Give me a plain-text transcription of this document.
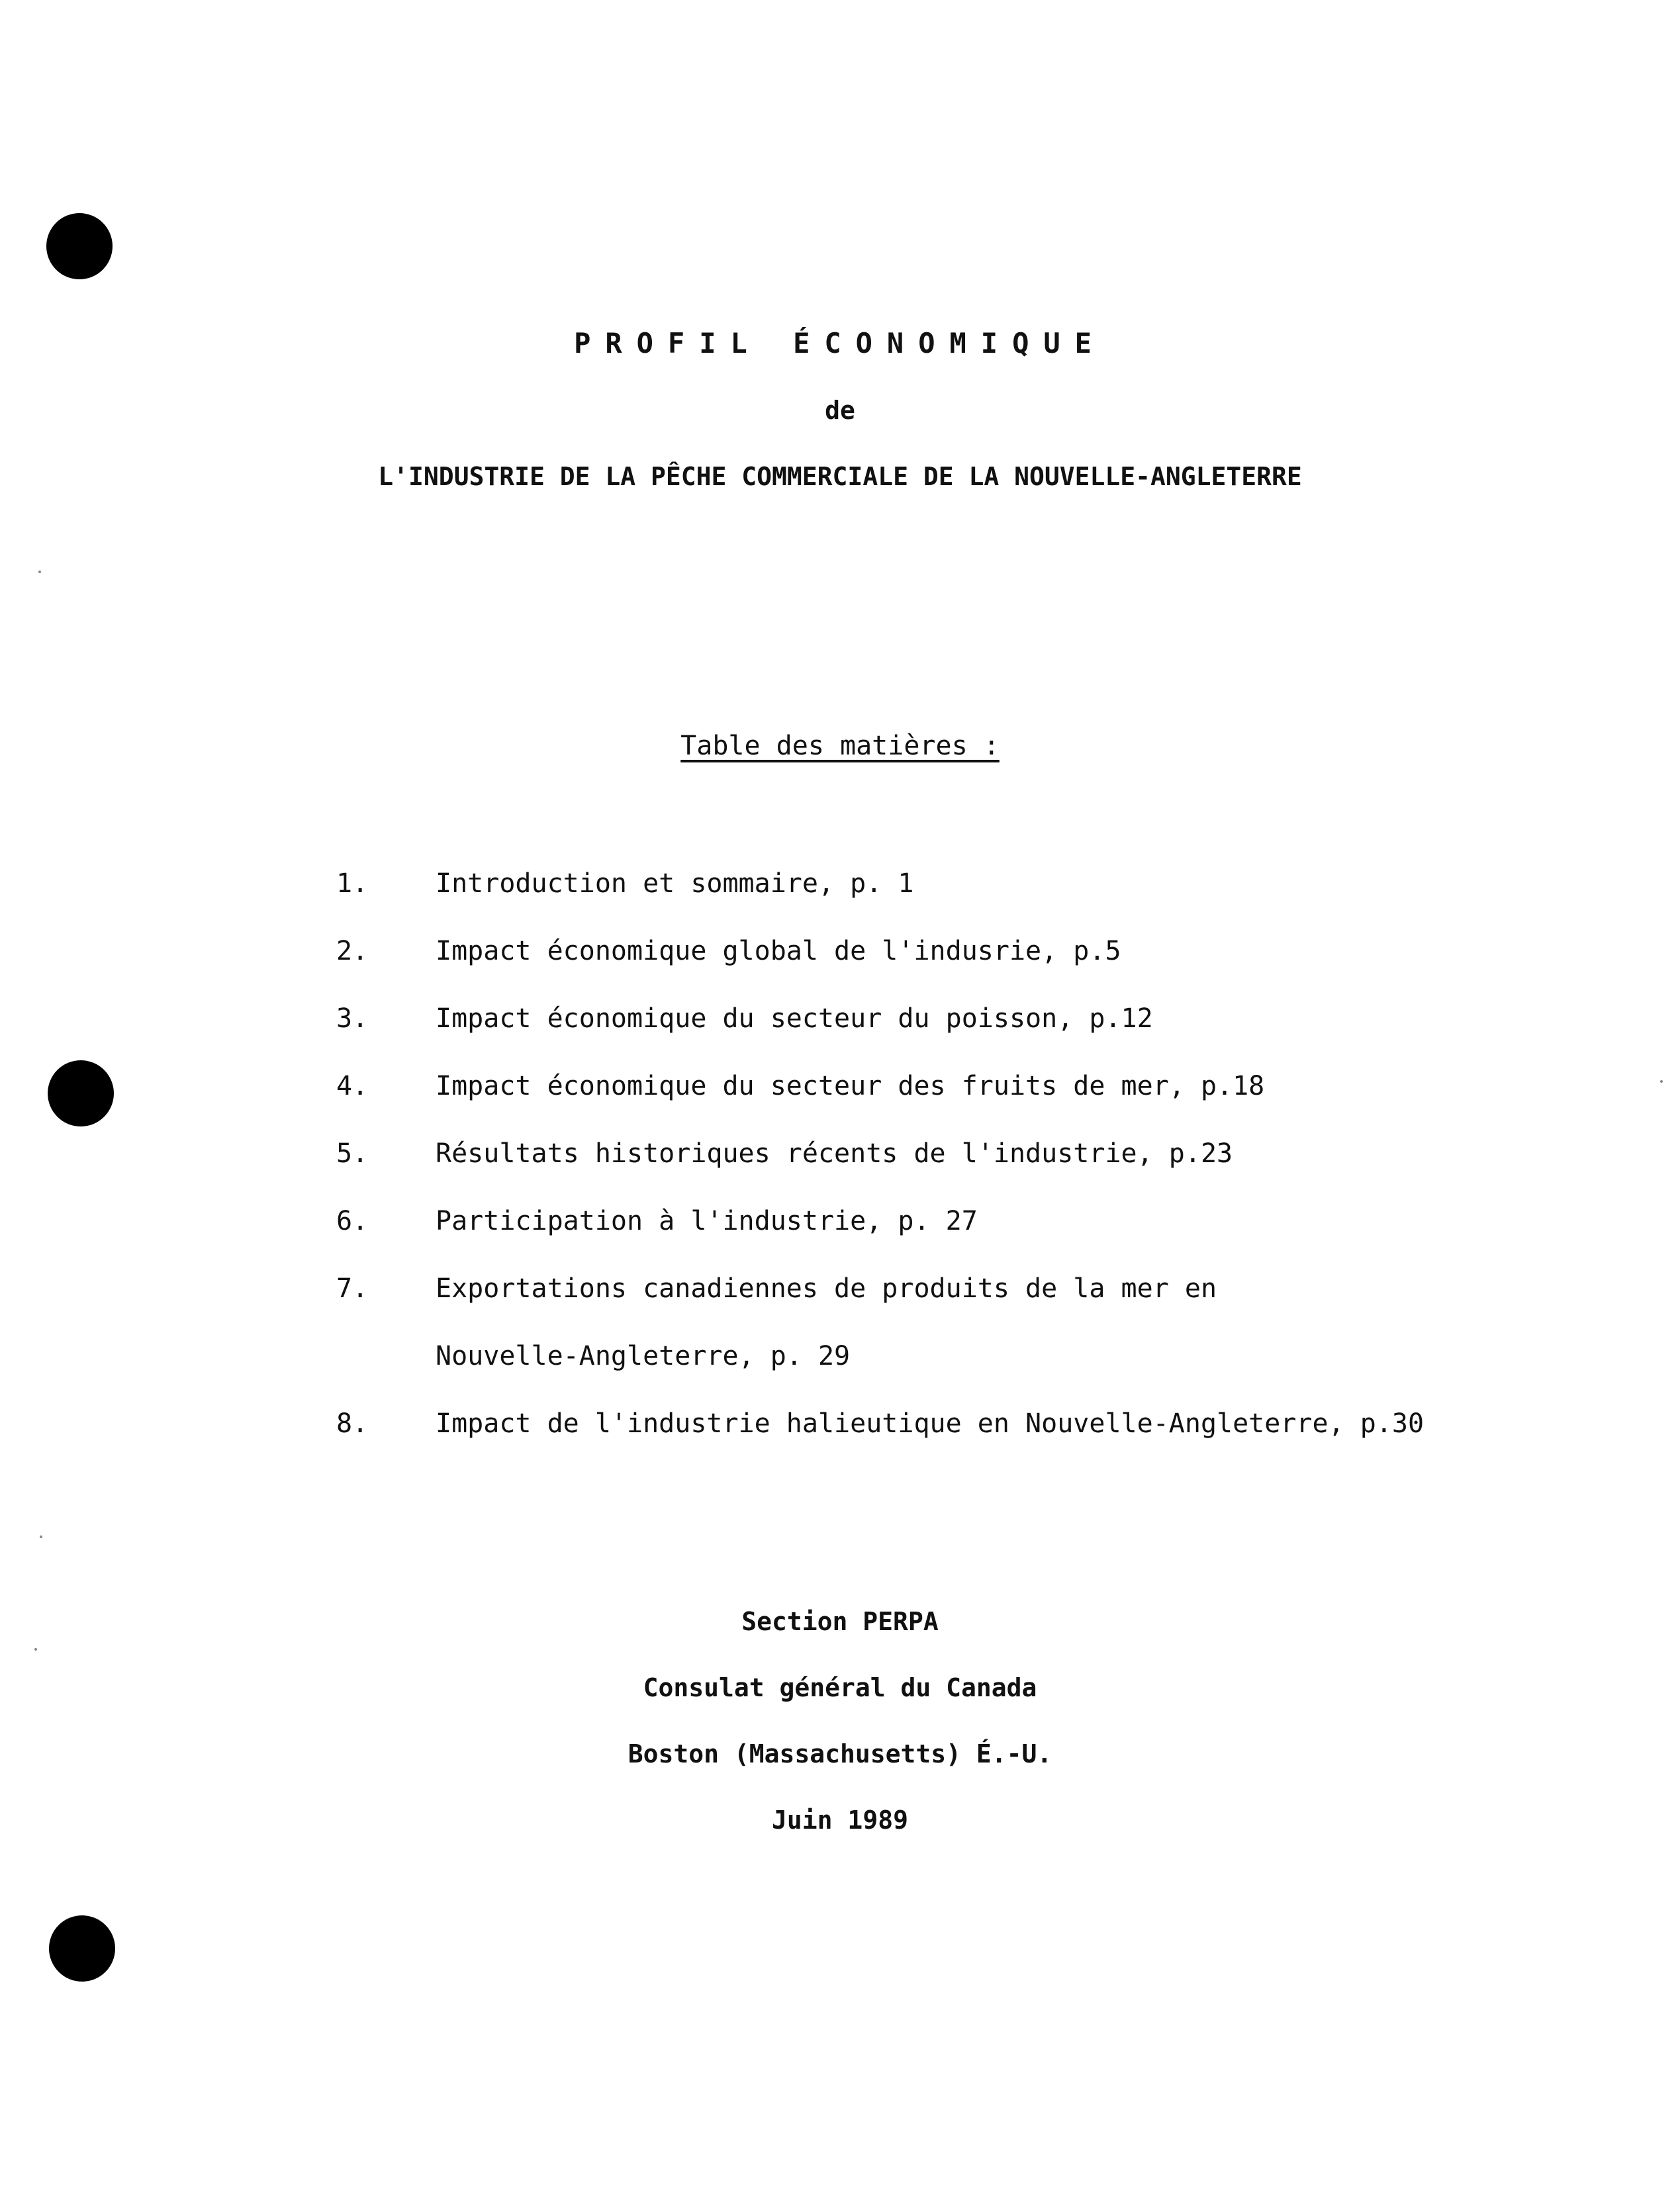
PROFIL ÉCONOMIQUE
de
L'INDUSTRIE DE LA PÊCHE COMMERCIALE DE LA NOUVELLE-ANGLETERRE
Table des matières :
1.	Introduction et sommaire, p. 1
2.	Impact économique global de l'indusrie, p.5
3.	Impact économique du secteur du poisson, p.12
4.	Impact économique du secteur des fruits de mer, p.18
5.	Résultats historiques récents de l'industrie, p.23
6.	Participation à l'industrie, p. 27
7.	Exportations canadiennes de produits de la mer en
Nouvelle-Angleterre, p. 29
8.	Impact de l'industrie halieutique en Nouvelle-Angleterre, p.30
Section PERPA
Consulat général du Canada
Boston (Massachusetts) É.-U.
Juin 1989
